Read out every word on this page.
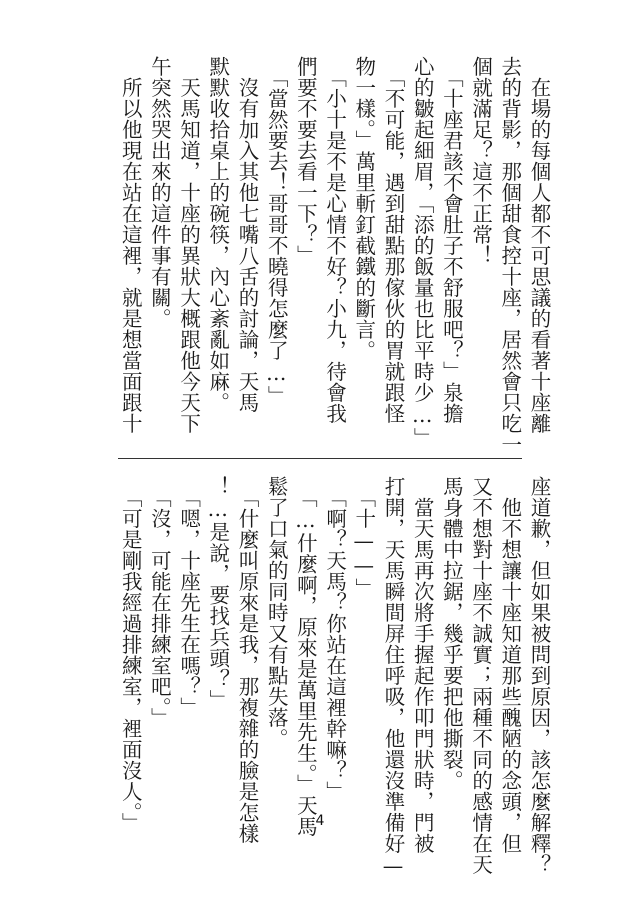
　在場的每個人都不可思議的看著十座離
去的背影，那個甜食控十座，居然會只吃一
個就滿足？這不正常！
　「十座君該不會肚子不舒服吧？」泉擔
心的皺起細眉，「添的飯量也比平時少…」
　「不可能，遇到甜點那傢伙的胃就跟怪
物一樣。」萬里斬釘截鐵的斷言。
　「小十是不是心情不好？小九，待會我
們要不要去看一下？」
　「當然要去！哥哥不曉得怎麼了…」
　沒有加入其他七嘴八舌的討論，天馬
默默收拾桌上的碗筷，內心紊亂如麻。
　天馬知道，十座的異狀大概跟他今天下
午突然哭出來的這件事有關。
　所以他現在站在這裡，就是想當面跟十
座道歉，但如果被問到原因，該怎麼解釋？
　他不想讓十座知道那些醜陋的念頭，但
又不想對十座不誠實；兩種不同的感情在天
馬身體中拉鋸，幾乎要把他撕裂。
　當天馬再次將手握起作叩門狀時，門被
打開，天馬瞬間屏住呼吸，他還沒準備好—
　「十——」
　「啊？天馬？你站在這裡幹嘛？」
　「…什麼啊，原來是萬里先生。」天馬
鬆了口氣的同時又有點失落。
　「什麼叫原來是我，那複雜的臉是怎樣
！…是說，要找兵頭？」
　「嗯，十座先生在嗎？」
　「沒，可能在排練室吧。」
　「可是剛我經過排練室，裡面沒人。」	4
